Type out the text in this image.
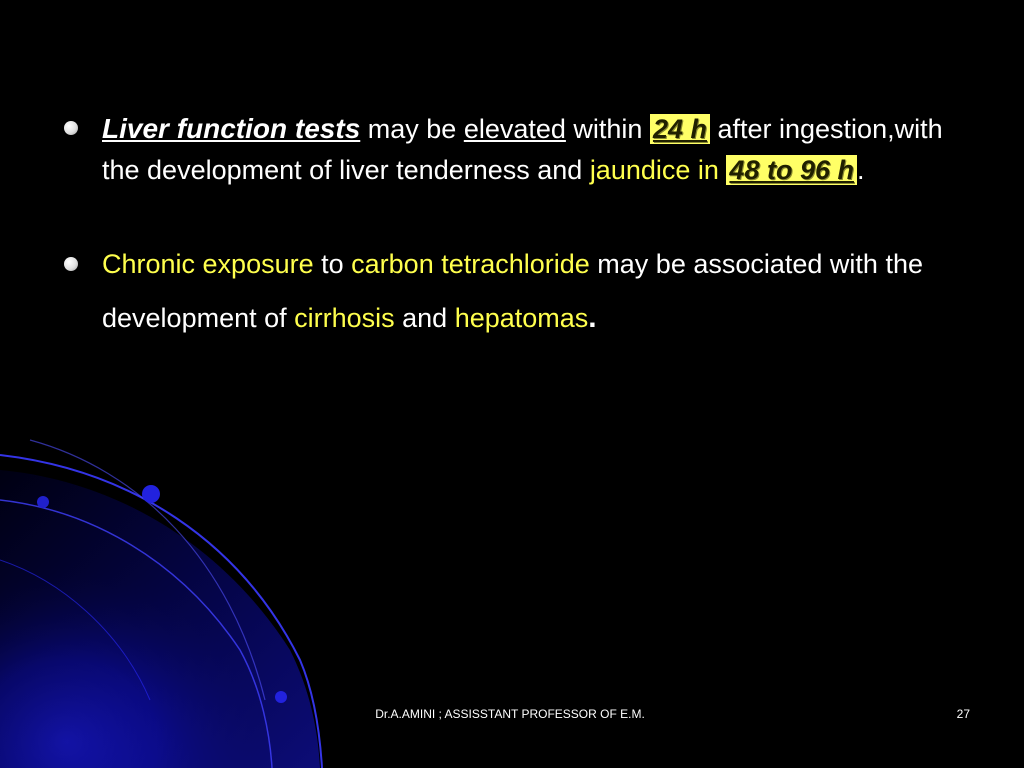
Liver function tests may be elevated within 24 h after ingestion,with the development of liver tenderness and jaundice in 48 to 96 h .
Chronic exposure to carbon tetrachloride may be associated with the development of cirrhosis and hepatomas.
Dr.A.AMINI ; ASSISSTANT PROFESSOR OF E.M.	27
